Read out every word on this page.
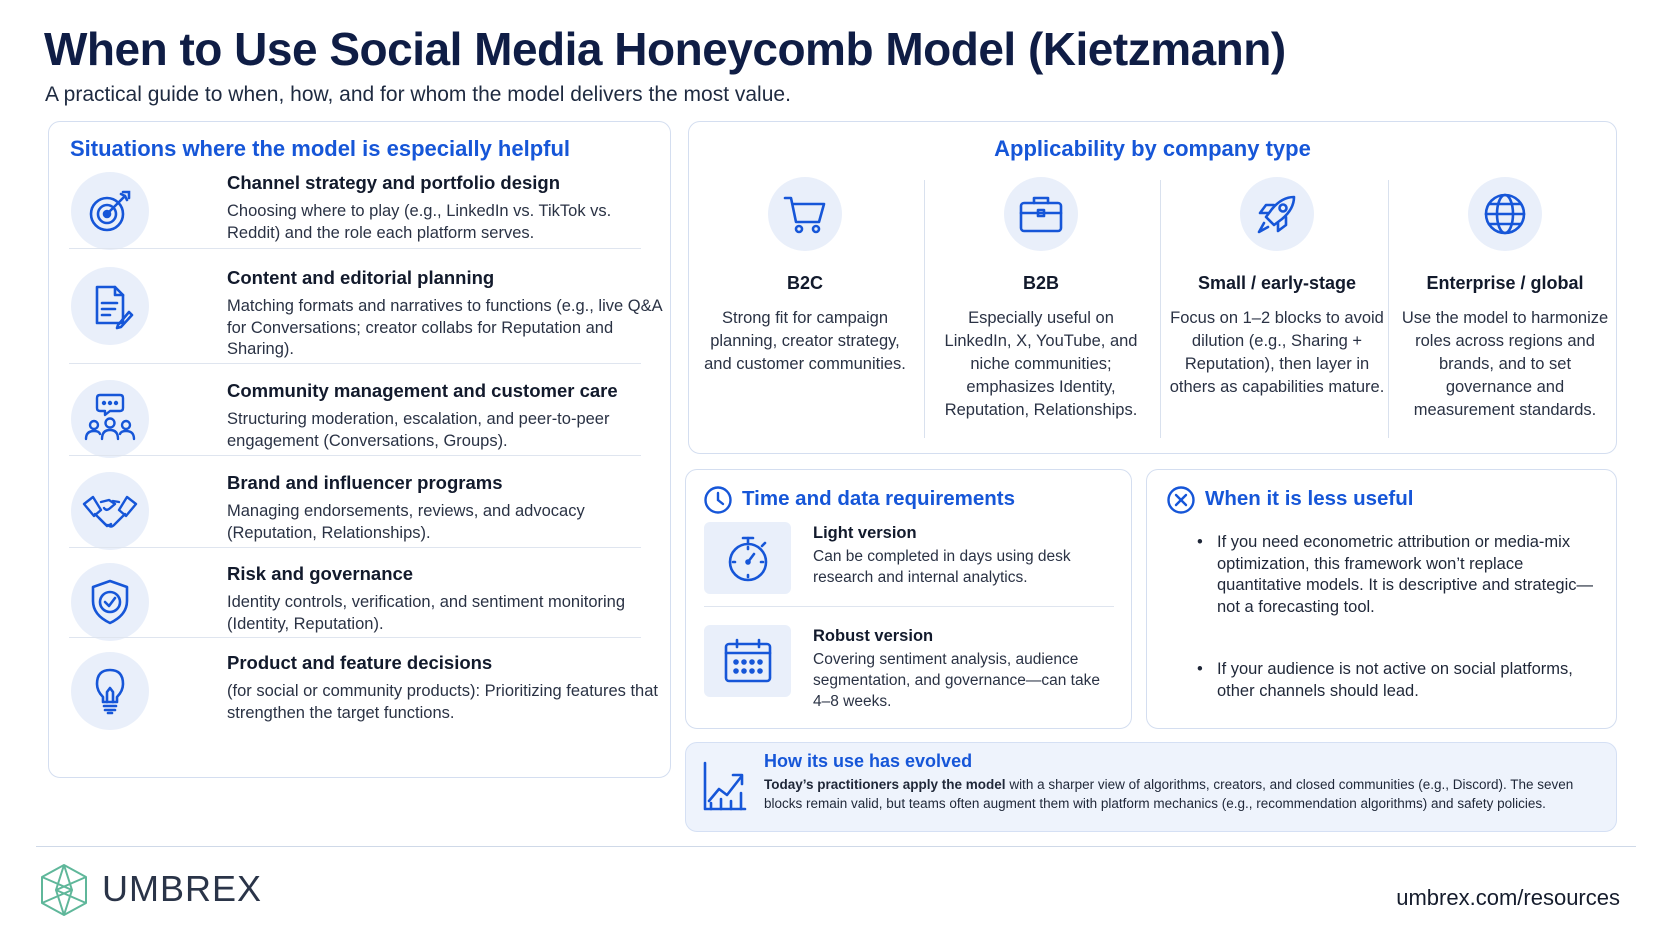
When to Use Social Media Honeycomb Model (Kietzmann)
A practical guide to when, how, and for whom the model delivers the most value.
Situations where the model is especially helpful
Channel strategy and portfolio design
Choosing where to play (e.g., LinkedIn vs. TikTok vs. Reddit) and the role each platform serves.
Content and editorial planning
Matching formats and narratives to functions (e.g., live Q&A for Conversations; creator collabs for Reputation and Sharing).
Community management and customer care
Structuring moderation, escalation, and peer-to-peer engagement (Conversations, Groups).
Brand and influencer programs
Managing endorsements, reviews, and advocacy (Reputation, Relationships).
Risk and governance
Identity controls, verification, and sentiment monitoring (Identity, Reputation).
Product and feature decisions
(for social or community products): Prioritizing features that strengthen the target functions.
Applicability by company type
B2C
Strong fit for campaign planning, creator strategy, and customer communities.
B2B
Especially useful on LinkedIn, X, YouTube, and niche communities; emphasizes Identity, Reputation, Relationships.
Small / early-stage
Focus on 1–2 blocks to avoid dilution (e.g., Sharing + Reputation), then layer in others as capabilities mature.
Enterprise / global
Use the model to harmonize roles across regions and brands, and to set governance and measurement standards.
Time and data requirements
Light version
Can be completed in days using desk research and internal analytics.
Robust version
Covering sentiment analysis, audience segmentation, and governance—can take 4–8 weeks.
When it is less useful
• If you need econometric attribution or media-mix optimization, this framework won’t replace quantitative models. It is descriptive and strategic—not a forecasting tool.
• If your audience is not active on social platforms, other channels should lead.
How its use has evolved
Today’s practitioners apply the model with a sharper view of algorithms, creators, and closed communities (e.g., Discord). The seven blocks remain valid, but teams often augment them with platform mechanics (e.g., recommendation algorithms) and safety policies.
UMBREX	umbrex.com/resources
